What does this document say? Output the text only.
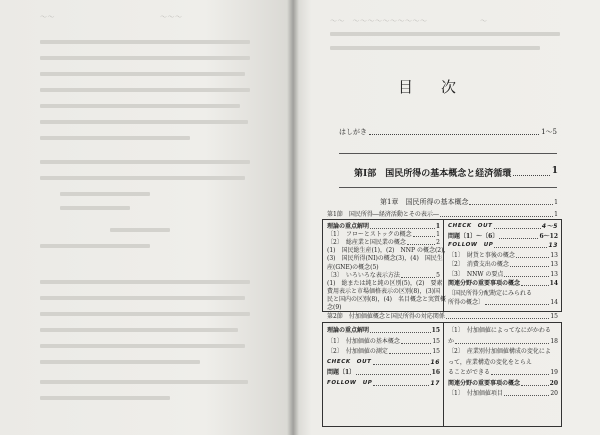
～～　　　　　　　　　　　　　　～～～	～～　～～～～～～～～～～　　　　　　　～
目次
はしがき	1〜5
第Ⅰ部　国民所得の基本概念と経済循環	1
第1章　国民所得の基本概念	1
第1節　国民所得―経済活動とその表示―	1
理論の重点解明	1
〔1〕　フローとストックの概念	1
〔2〕　総産業と国民業の概念	2
(1)　国民総生産(1)，(2)　NNP の概念(2)，
(3)　国民所得(NI)の概念(3)，(4)　国民生
産(GNE)の概念(5)
〔3〕　いろいろな表示方法	5
(1)　総または純と純の区別(5)，(2)　要素
費用表示と市場価格表示の区別(8)，(3)国
民と国内の区別(8)，(4)　名目概念と実質概
念(9)
CHECK　OUT	4〜5
問題〔1〕〜〔6〕	6〜12
FOLLOW　UP	13
〔1〕　財貨と事後の概念	13
〔2〕　消費支出の概念	13
〔3〕　NNW の要点	13
関連分野の重要事項の概念	14
〔国民所得分配勘定にみられる
所得の概念〕	14
第2節　付加価値概念と国民所得の対応関係	15
理論の重点解明	15
〔1〕　付加価値の基本概念	15
〔2〕　付加価値の測定	15
CHECK　OUT	16
問題〔1〕	16
FOLLOW　UP	17
〔1〕　付加価値によってなにがかわる
か	18
〔2〕　産業別付加価値構成の変化によ
って，産業構造の変化をとらえ
ることができる	19
関連分野の重要事項の概念	20
〔1〕　付加価値項目	20
